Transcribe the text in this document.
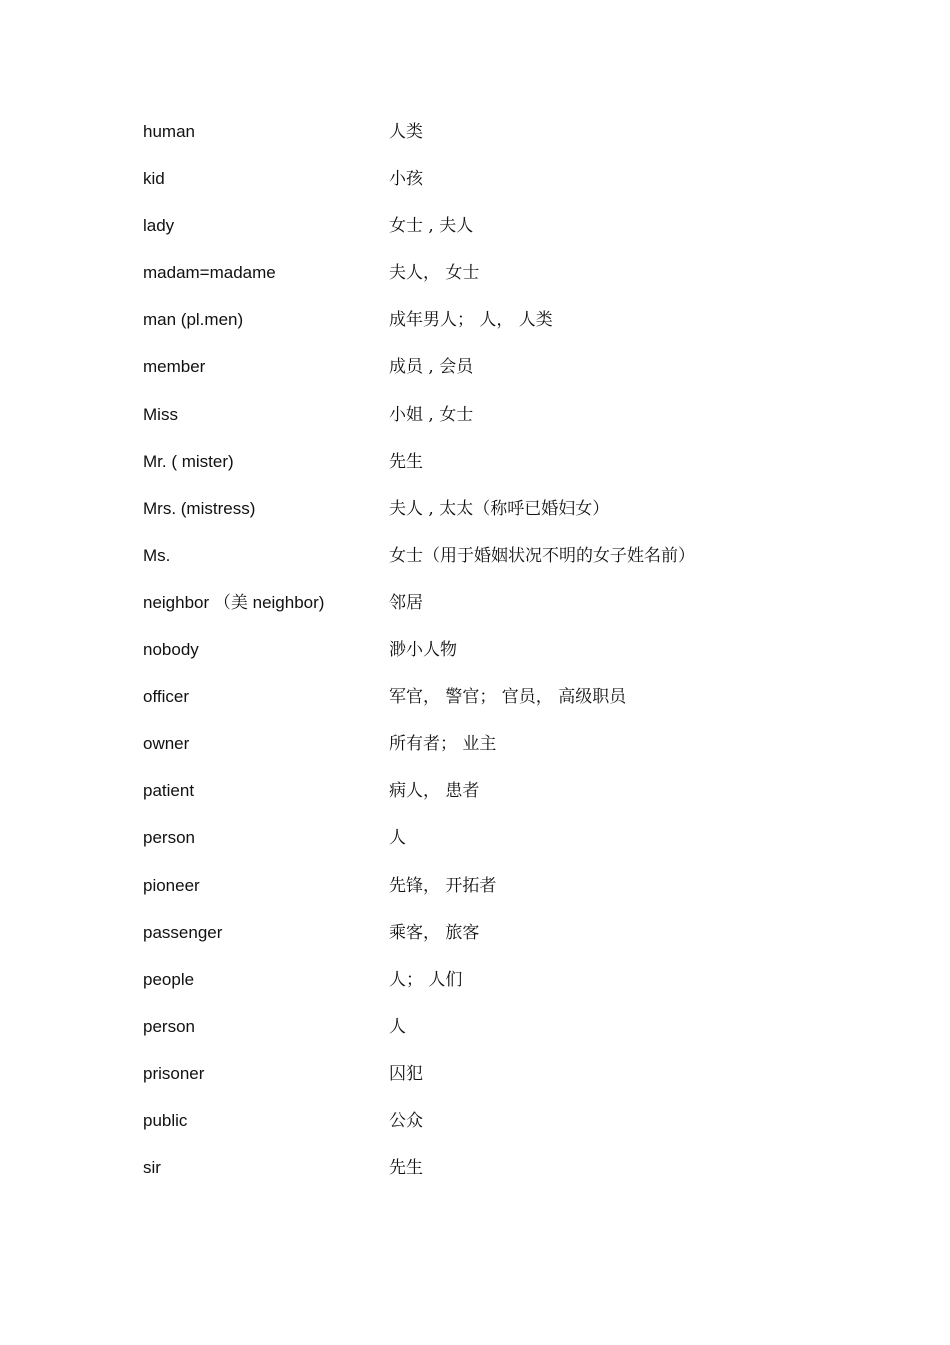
human	人类
kid	小孩
lady	女士 , 夫人
madam=madame	夫人， 女士
man (pl.men)	成年男人； 人， 人类
member	成员 , 会员
Miss	小姐 , 女士
Mr. ( mister)	先生
Mrs. (mistress)	夫人 , 太太（称呼已婚妇女）
Ms.	女士（用于婚姻状况不明的女子姓名前）
neighbor （美 neighbor)	邻居
nobody	渺小人物
officer	军官， 警官； 官员， 高级职员
owner	所有者； 业主
patient	病人， 患者
person	人
pioneer	先锋， 开拓者
passenger	乘客， 旅客
people	人； 人们
person	人
prisoner	囚犯
public	公众
sir	先生
